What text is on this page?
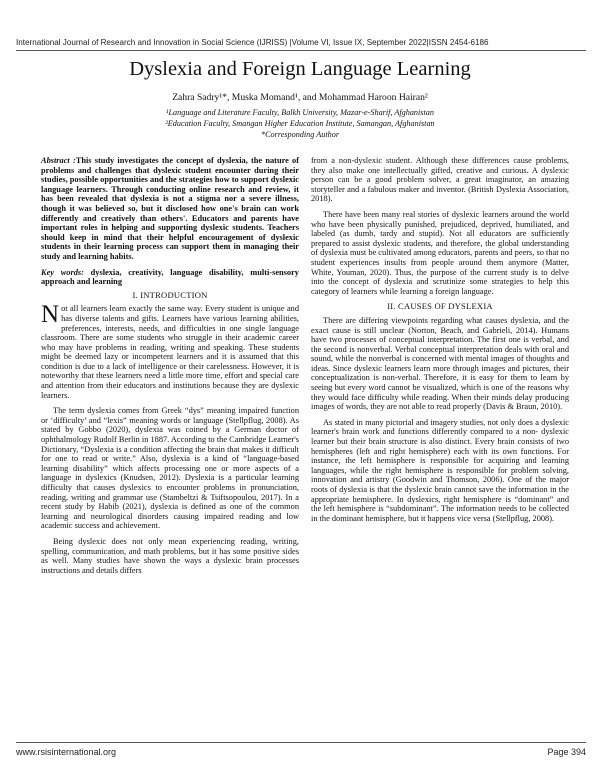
International Journal of Research and Innovation in Social Science (IJRISS) |Volume VI, Issue IX, September 2022|ISSN 2454-6186
Dyslexia and Foreign Language Learning
Zahra Sadry¹*, Muska Momand¹, and Mohammad Haroon Hairan²
¹Language and Literature Faculty, Balkh University, Mazar-e-Sharif, Afghanistan
²Education Faculty, Smangan Higher Education Institute, Samangan, Afghanistan
*Corresponding Author

Abstract :This study investigates the concept of dyslexia, the nature of problems and challenges that dyslexic student encounter during their studies, possible opportunities and the strategies how to support dyslexic language learners. Through conducting online research and review, it has been revealed that dyslexia is not a stigma nor a severe illness, though it was believed so, but it disclosed how one's brain can work differently and creatively than others'. Educators and parents have important roles in helping and supporting dyslexic students. Teachers should keep in mind that their helpful encouragement of dyslexic students in their learning process can support them in managing their study and learning habits.

Key words: dyslexia, creativity, language disability, multi-sensory approach and learning

I. INTRODUCTION

Not all learners learn exactly the same way. Every student is unique and has diverse talents and gifts. Learners have various learning abilities, preferences, interests, needs, and difficulties in one single language classroom. There are some students who struggle in their academic career who may have problems in reading, writing and speaking. These students might be deemed lazy or incompetent learners and it is assumed that this condition is due to a lack of intelligence or their carelessness. However, it is noteworthy that these learners need a little more time, effort and special care and attention from their educators and institutions because they are dyslexic learners.

The term dyslexia comes from Greek “dys” meaning impaired function or ‘difficulty’ and “lexis” meaning words or language (Stellpflug, 2008). As stated by Gobbo (2020), dyslexia was coined by a German doctor of ophthalmology Rudolf Berlin in 1887. According to the Cambridge Learner's Dictionary, “Dyslexia is a condition affecting the brain that makes it difficult for one to read or write.” Also, dyslexia is a kind of “language-based learning disability” which affects processing one or more aspects of a language in dyslexics (Knudsen, 2012). Dyslexia is a particular learning difficulty that causes dyslexics to encounter problems in pronunciation, reading, writing and grammar use (Stambeltzi & Tsiftsopoulou, 2017). In a recent study by Habib (2021), dyslexia is defined as one of the common learning and neurological disorders causing impaired reading and low academic success and achievement.

Being dyslexic does not only mean experiencing reading, writing, spelling, communication, and math problems, but it has some positive sides as well. Many studies have shown the ways a dyslexic brain processes instructions and details differs

from a non-dyslexic student. Although these differences cause problems, they also make one intellectually gifted, creative and curious. A dyslexic person can be a good problem solver, a great imaginator, an amazing storyteller and a fabulous maker and inventor. (British Dyslexia Association, 2018).

There have been many real stories of dyslexic learners around the world who have been physically punished, prejudiced, deprived, humiliated, and labeled (as dumb, tardy and stupid). Not all educators are sufficiently prepared to assist dyslexic students, and therefore, the global understanding of dyslexia must be cultivated among educators, parents and peers, so that no student experiences insults from people around them anymore (Matter, White, Youman, 2020). Thus, the purpose of the current study is to delve into the concept of dyslexia and scrutinize some strategies to help this category of learners while learning a foreign language.

II. CAUSES OF DYSLEXIA

There are differing viewpoints regarding what causes dyslexia, and the exact cause is still unclear (Norton, Beach, and Gabrieli, 2014). Humans have two processes of conceptual interpretation. The first one is verbal, and the second is nonverbal. Verbal conceptual interpretation deals with oral and sound, while the nonverbal is concerned with mental images of thoughts and ideas. Since dyslexic learners learn more through images and pictures, their conceptualization is non-verbal. Therefore, it is easy for them to learn by seeing but every word cannot be visualized, which is one of the reasons why they would face difficulty while reading. When their minds delay producing images of words, they are not able to read properly (Davis & Braun, 2010).

As stated in many pictorial and imagery studies, not only does a dyslexic learner's brain work and functions differently compared to a non- dyslexic learner but their brain structure is also distinct. Every brain consists of two hemispheres (left and right hemisphere) each with its own functions. For instance, the left hemisphere is responsible for acquiring and learning languages, while the right hemisphere is responsible for problem solving, innovation and artistry (Goodwin and Thomson, 2006). One of the major roots of dyslexia is that the dyslexic brain cannot save the information in the appropriate hemisphere. In dyslexics, right hemisphere is “dominant” and the left hemisphere is “subdominant”. The information needs to be collected in the dominant hemisphere, but it happens vice versa (Stellpflug, 2008).

www.rsisinternational.org	Page 394
